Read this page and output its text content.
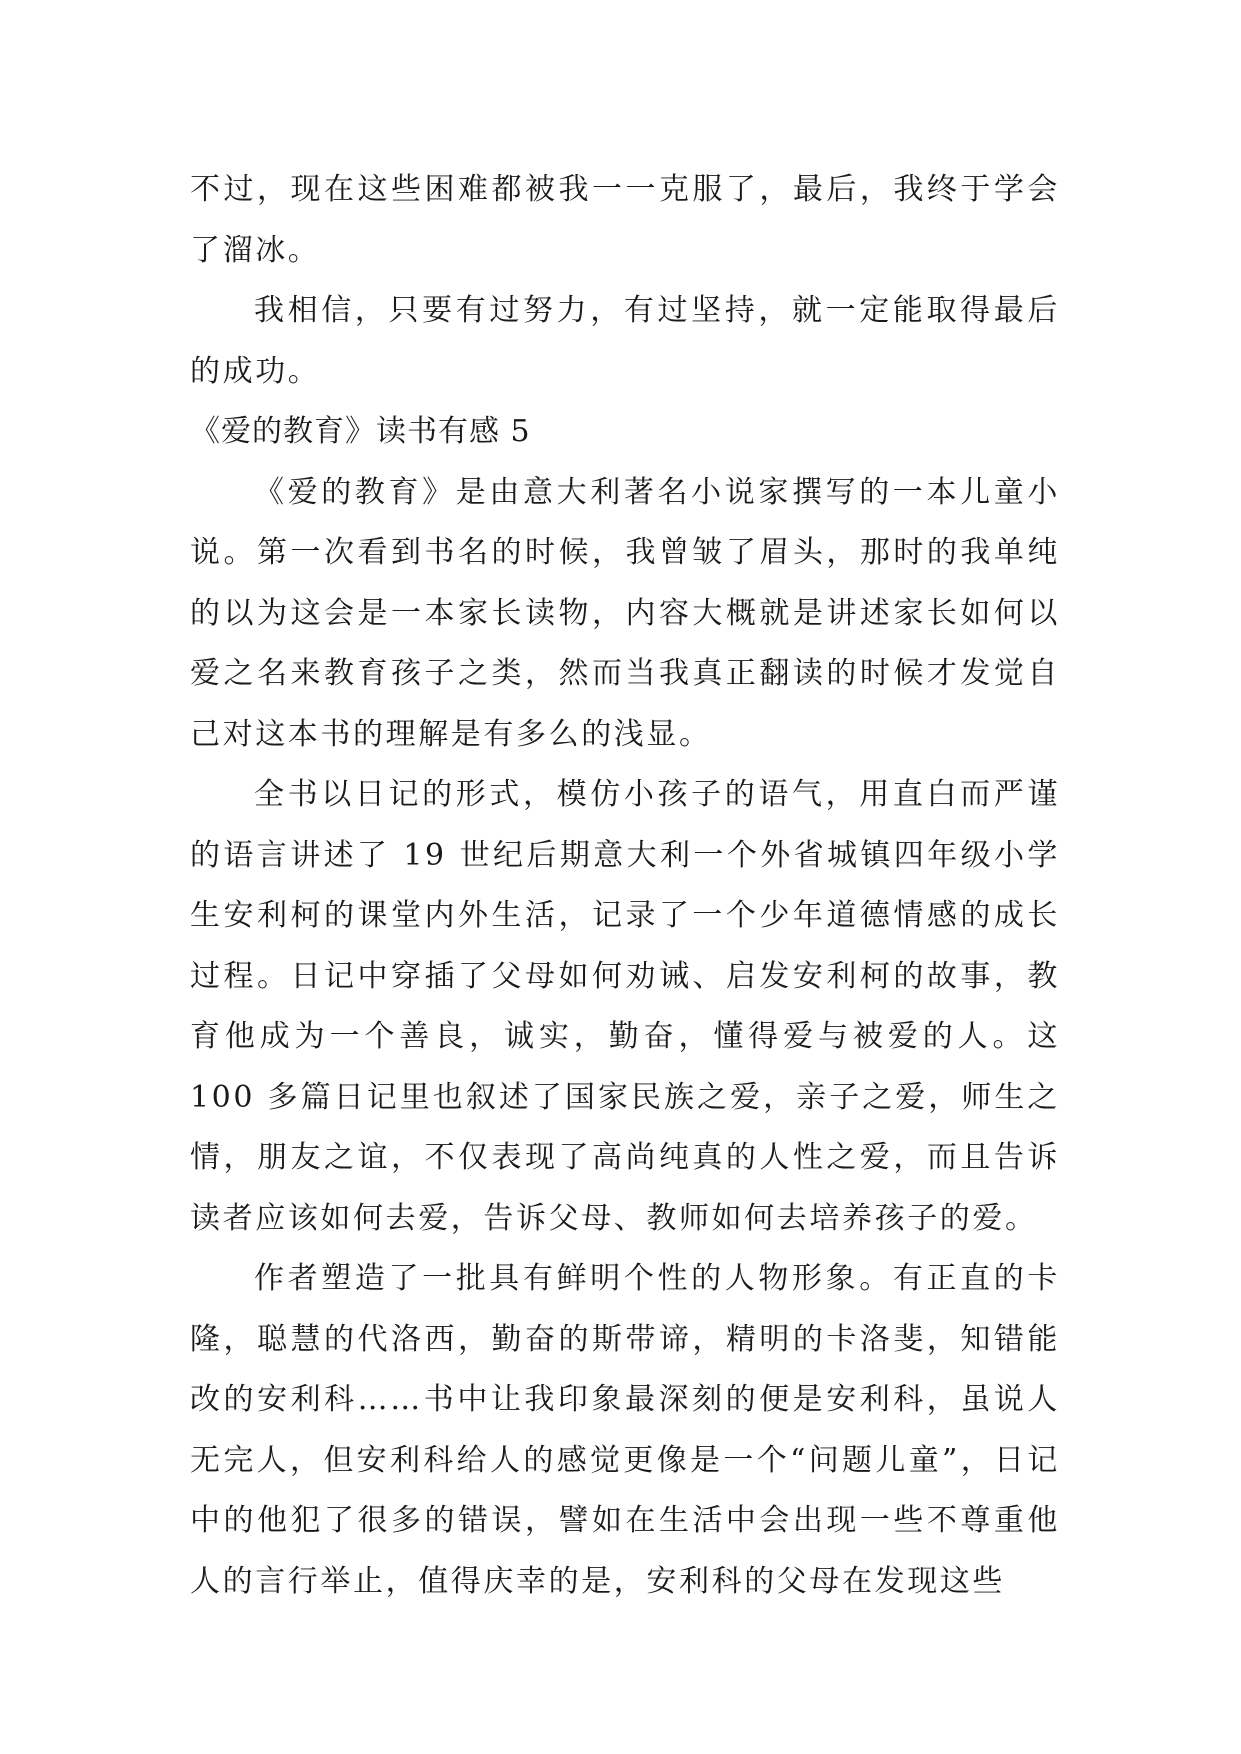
不过，现在这些困难都被我一一克服了，最后，我终于学会了溜冰。

我相信，只要有过努力，有过坚持，就一定能取得最后的成功。

《爱的教育》读书有感 5

《爱的教育》是由意大利著名小说家撰写的一本儿童小说。第一次看到书名的时候，我曾皱了眉头，那时的我单纯的以为这会是一本家长读物，内容大概就是讲述家长如何以爱之名来教育孩子之类，然而当我真正翻读的时候才发觉自己对这本书的理解是有多么的浅显。

全书以日记的形式，模仿小孩子的语气，用直白而严谨的语言讲述了 19 世纪后期意大利一个外省城镇四年级小学生安利柯的课堂内外生活，记录了一个少年道德情感的成长过程。日记中穿插了父母如何劝诫、启发安利柯的故事，教育他成为一个善良，诚实，勤奋，懂得爱与被爱的人。这 100 多篇日记里也叙述了国家民族之爱，亲子之爱，师生之情，朋友之谊，不仅表现了高尚纯真的人性之爱，而且告诉读者应该如何去爱，告诉父母、教师如何去培养孩子的爱。

作者塑造了一批具有鲜明个性的人物形象。有正直的卡隆，聪慧的代洛西，勤奋的斯带谛，精明的卡洛斐，知错能改的安利科……书中让我印象最深刻的便是安利科，虽说人无完人，但安利科给人的感觉更像是一个“问题儿童”，日记中的他犯了很多的错误，譬如在生活中会出现一些不尊重他人的言行举止，值得庆幸的是，安利科的父母在发现这些
